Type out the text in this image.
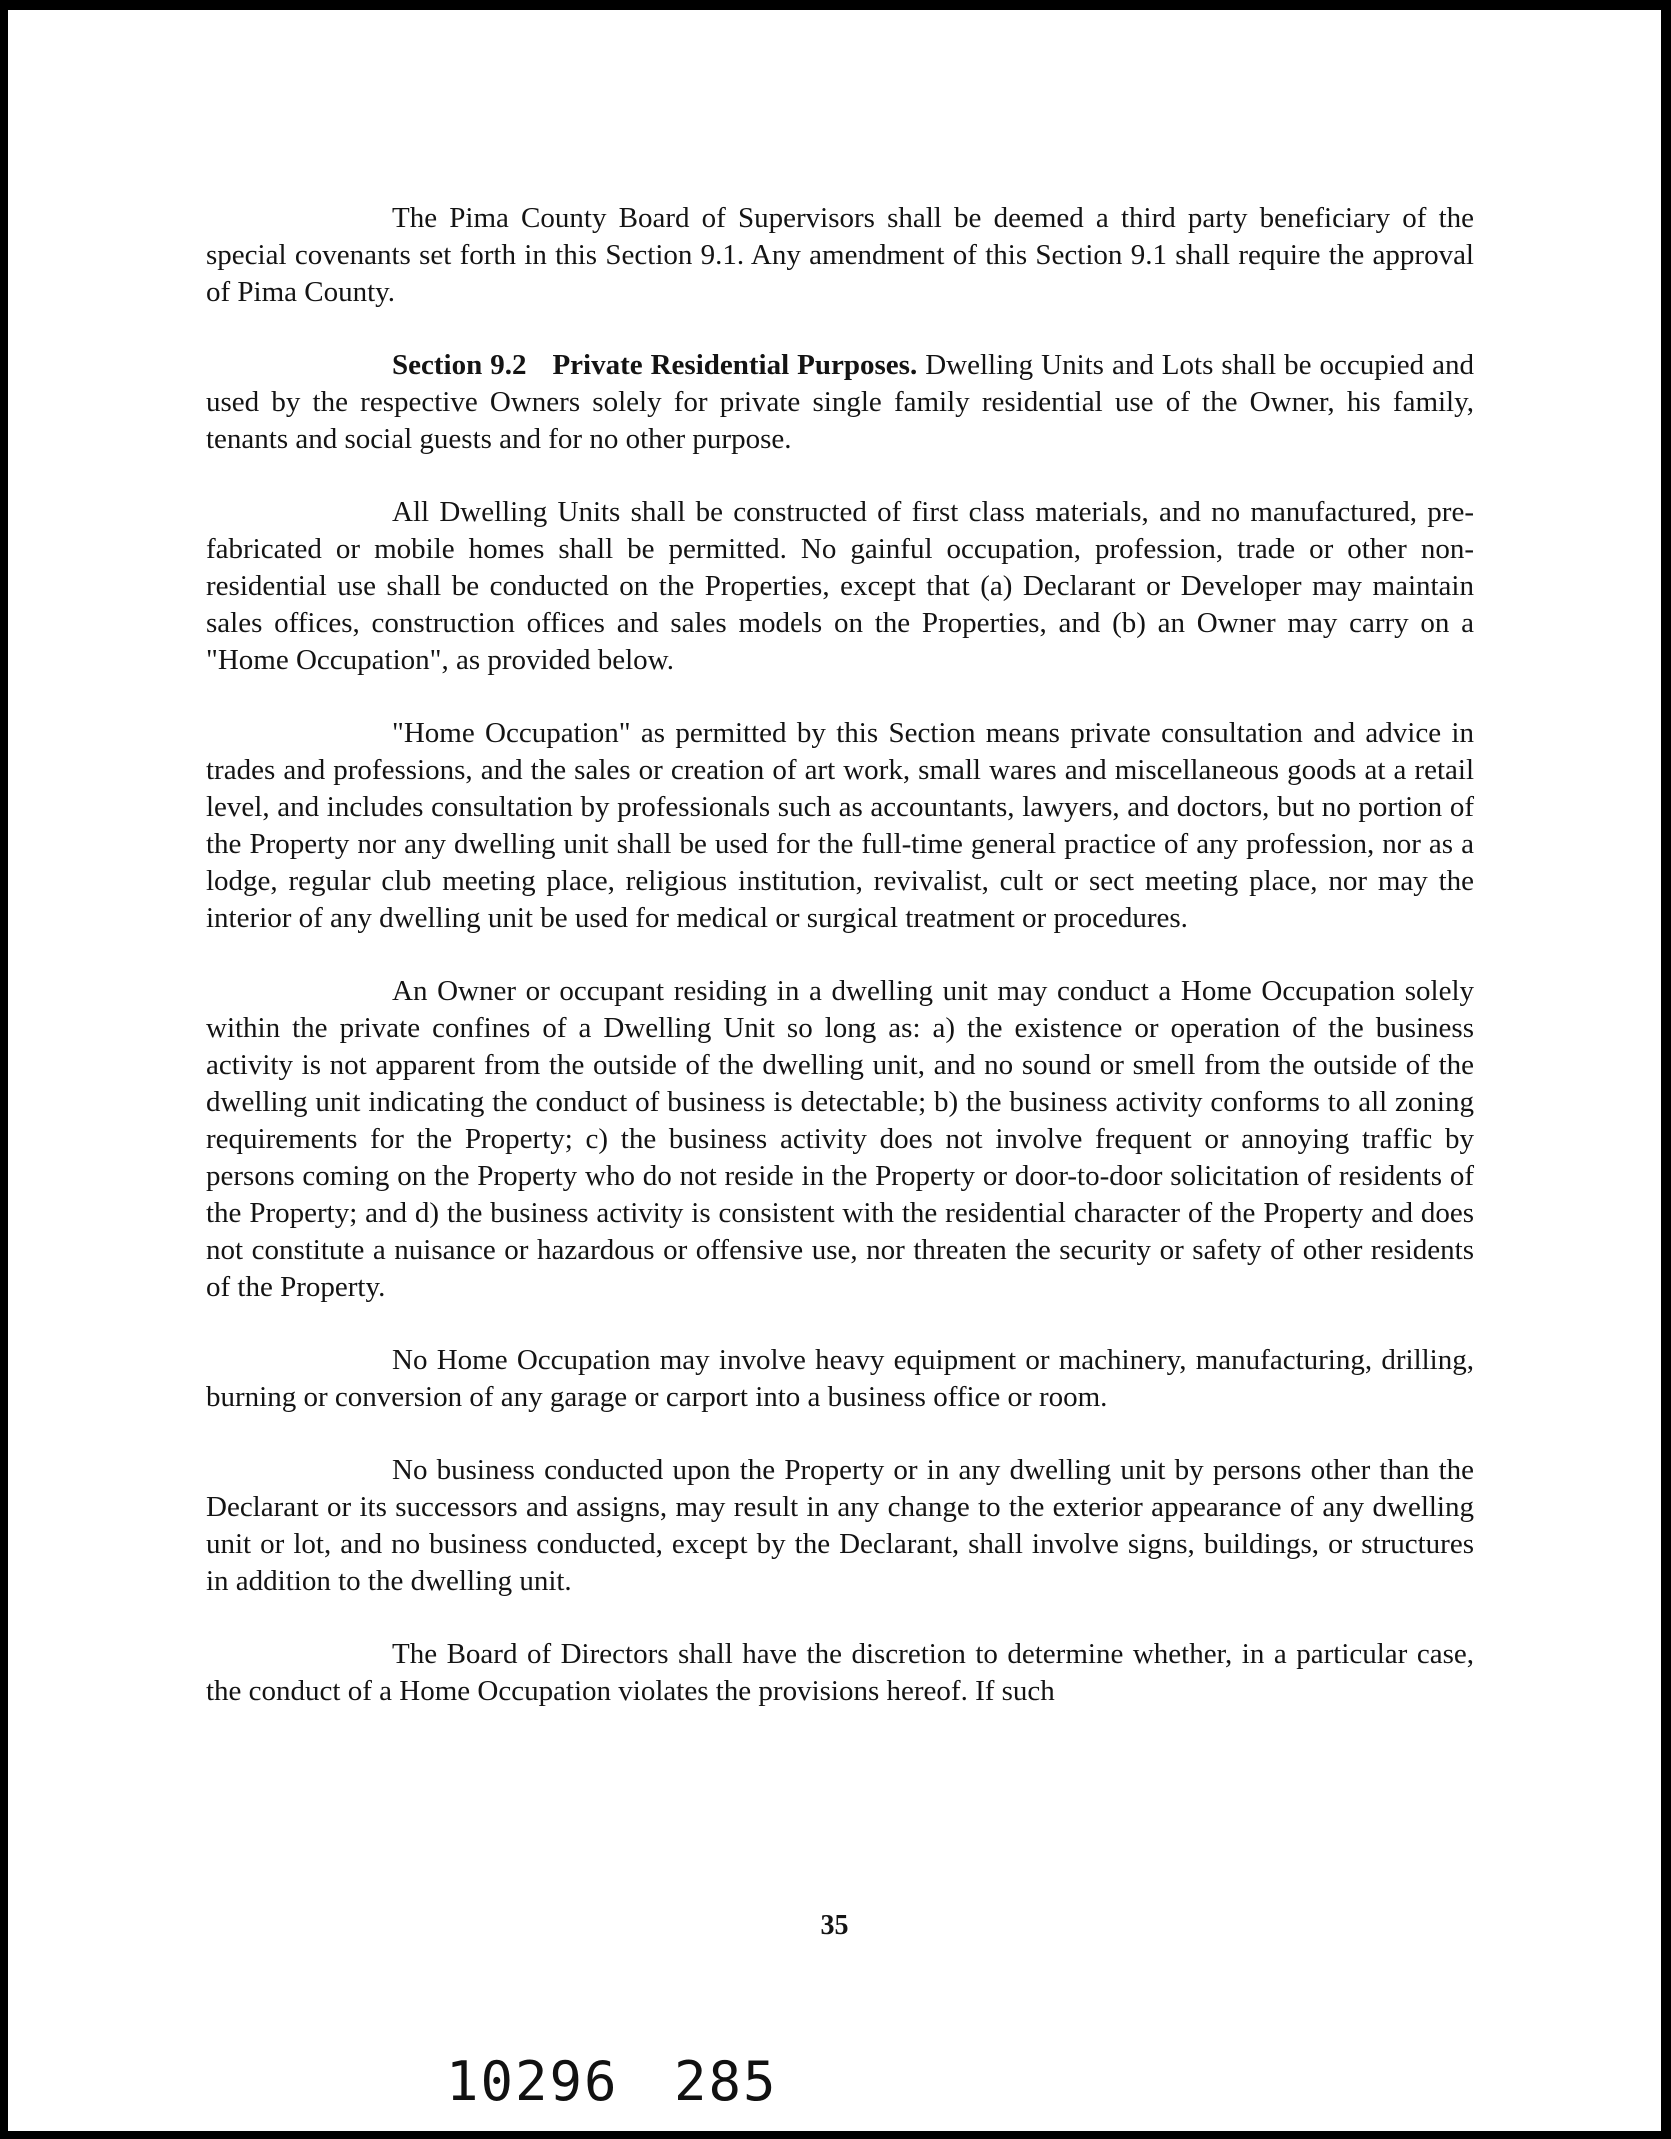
The Pima County Board of Supervisors shall be deemed a third party beneficiary of the special covenants set forth in this Section 9.1. Any amendment of this Section 9.1 shall require the approval of Pima County.

Section 9.2 Private Residential Purposes. Dwelling Units and Lots shall be occupied and used by the respective Owners solely for private single family residential use of the Owner, his family, tenants and social guests and for no other purpose.

All Dwelling Units shall be constructed of first class materials, and no manufactured, pre-fabricated or mobile homes shall be permitted. No gainful occupation, profession, trade or other non-residential use shall be conducted on the Properties, except that (a) Declarant or Developer may maintain sales offices, construction offices and sales models on the Properties, and (b) an Owner may carry on a "Home Occupation", as provided below.

"Home Occupation" as permitted by this Section means private consultation and advice in trades and professions, and the sales or creation of art work, small wares and miscellaneous goods at a retail level, and includes consultation by professionals such as accountants, lawyers, and doctors, but no portion of the Property nor any dwelling unit shall be used for the full-time general practice of any profession, nor as a lodge, regular club meeting place, religious institution, revivalist, cult or sect meeting place, nor may the interior of any dwelling unit be used for medical or surgical treatment or procedures.

An Owner or occupant residing in a dwelling unit may conduct a Home Occupation solely within the private confines of a Dwelling Unit so long as: a) the existence or operation of the business activity is not apparent from the outside of the dwelling unit, and no sound or smell from the outside of the dwelling unit indicating the conduct of business is detectable; b) the business activity conforms to all zoning requirements for the Property; c) the business activity does not involve frequent or annoying traffic by persons coming on the Property who do not reside in the Property or door-to-door solicitation of residents of the Property; and d) the business activity is consistent with the residential character of the Property and does not constitute a nuisance or hazardous or offensive use, nor threaten the security or safety of other residents of the Property.

No Home Occupation may involve heavy equipment or machinery, manufacturing, drilling, burning or conversion of any garage or carport into a business office or room.

No business conducted upon the Property or in any dwelling unit by persons other than the Declarant or its successors and assigns, may result in any change to the exterior appearance of any dwelling unit or lot, and no business conducted, except by the Declarant, shall involve signs, buildings, or structures in addition to the dwelling unit.

The Board of Directors shall have the discretion to determine whether, in a particular case, the conduct of a Home Occupation violates the provisions hereof. If such

35
10296 285
